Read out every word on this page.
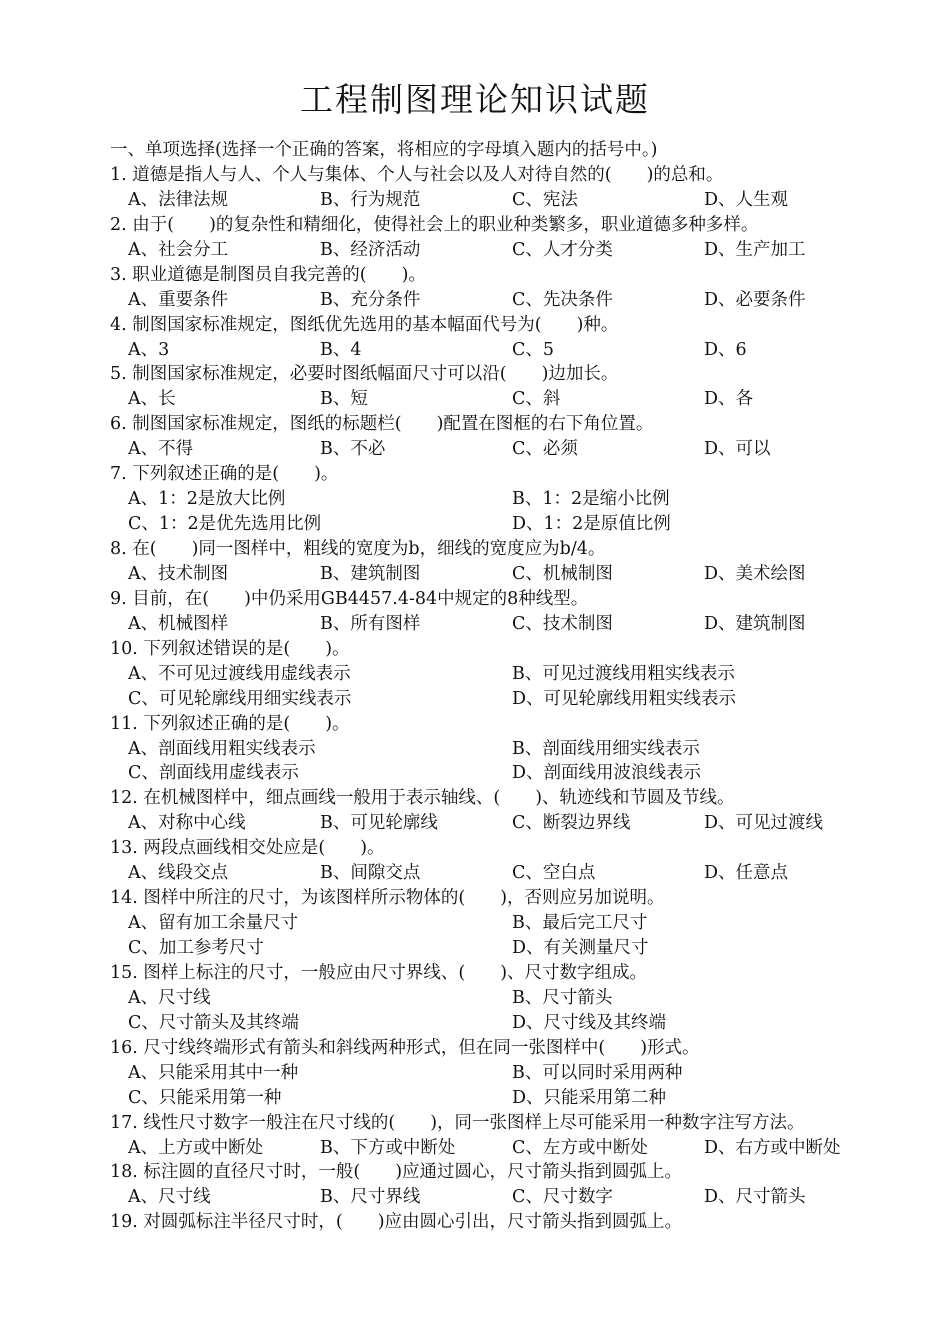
工程制图理论知识试题
一、单项选择(选择一个正确的答案，将相应的字母填入题内的括号中。)
1. 道德是指人与人、个人与集体、个人与社会以及人对待自然的(　　)的总和。
A、法律法规	B、行为规范	C、宪法	D、人生观
2. 由于(　　)的复杂性和精细化，使得社会上的职业种类繁多，职业道德多种多样。
A、社会分工	B、经济活动	C、人才分类	D、生产加工
3. 职业道德是制图员自我完善的(　　)。
A、重要条件	B、充分条件	C、先决条件	D、必要条件
4. 制图国家标准规定，图纸优先选用的基本幅面代号为(　　)种。
A、3	B、4	C、5	D、6
5. 制图国家标准规定，必要时图纸幅面尺寸可以沿(　　)边加长。
A、长	B、短	C、斜	D、各
6. 制图国家标准规定，图纸的标题栏(　　)配置在图框的右下角位置。
A、不得	B、不必	C、必须	D、可以
7. 下列叙述正确的是(　　)。
A、1：2是放大比例	B、1：2是缩小比例
C、1：2是优先选用比例	D、1：2是原值比例
8. 在(　　)同一图样中，粗线的宽度为b，细线的宽度应为b/4。
A、技术制图	B、建筑制图	C、机械制图	D、美术绘图
9. 目前，在(　　)中仍采用GB4457.4-84中规定的8种线型。
A、机械图样	B、所有图样	C、技术制图	D、建筑制图
10. 下列叙述错误的是(　　)。
A、不可见过渡线用虚线表示	B、可见过渡线用粗实线表示
C、可见轮廓线用细实线表示	D、可见轮廓线用粗实线表示
11. 下列叙述正确的是(　　)。
A、剖面线用粗实线表示	B、剖面线用细实线表示
C、剖面线用虚线表示	D、剖面线用波浪线表示
12. 在机械图样中，细点画线一般用于表示轴线、(　　)、轨迹线和节圆及节线。
A、对称中心线	B、可见轮廓线	C、断裂边界线	D、可见过渡线
13. 两段点画线相交处应是(　　)。
A、线段交点	B、间隙交点	C、空白点	D、任意点
14. 图样中所注的尺寸，为该图样所示物体的(　　)，否则应另加说明。
A、留有加工余量尺寸	B、最后完工尺寸
C、加工参考尺寸	D、有关测量尺寸
15. 图样上标注的尺寸，一般应由尺寸界线、(　　)、尺寸数字组成。
A、尺寸线	B、尺寸箭头
C、尺寸箭头及其终端	D、尺寸线及其终端
16. 尺寸线终端形式有箭头和斜线两种形式，但在同一张图样中(　　)形式。
A、只能采用其中一种	B、可以同时采用两种
C、只能采用第一种	D、只能采用第二种
17. 线性尺寸数字一般注在尺寸线的(　　)，同一张图样上尽可能采用一种数字注写方法。
A、上方或中断处	B、下方或中断处	C、左方或中断处	D、右方或中断处
18. 标注圆的直径尺寸时，一般(　　)应通过圆心，尺寸箭头指到圆弧上。
A、尺寸线	B、尺寸界线	C、尺寸数字	D、尺寸箭头
19. 对圆弧标注半径尺寸时，(　　)应由圆心引出，尺寸箭头指到圆弧上。
